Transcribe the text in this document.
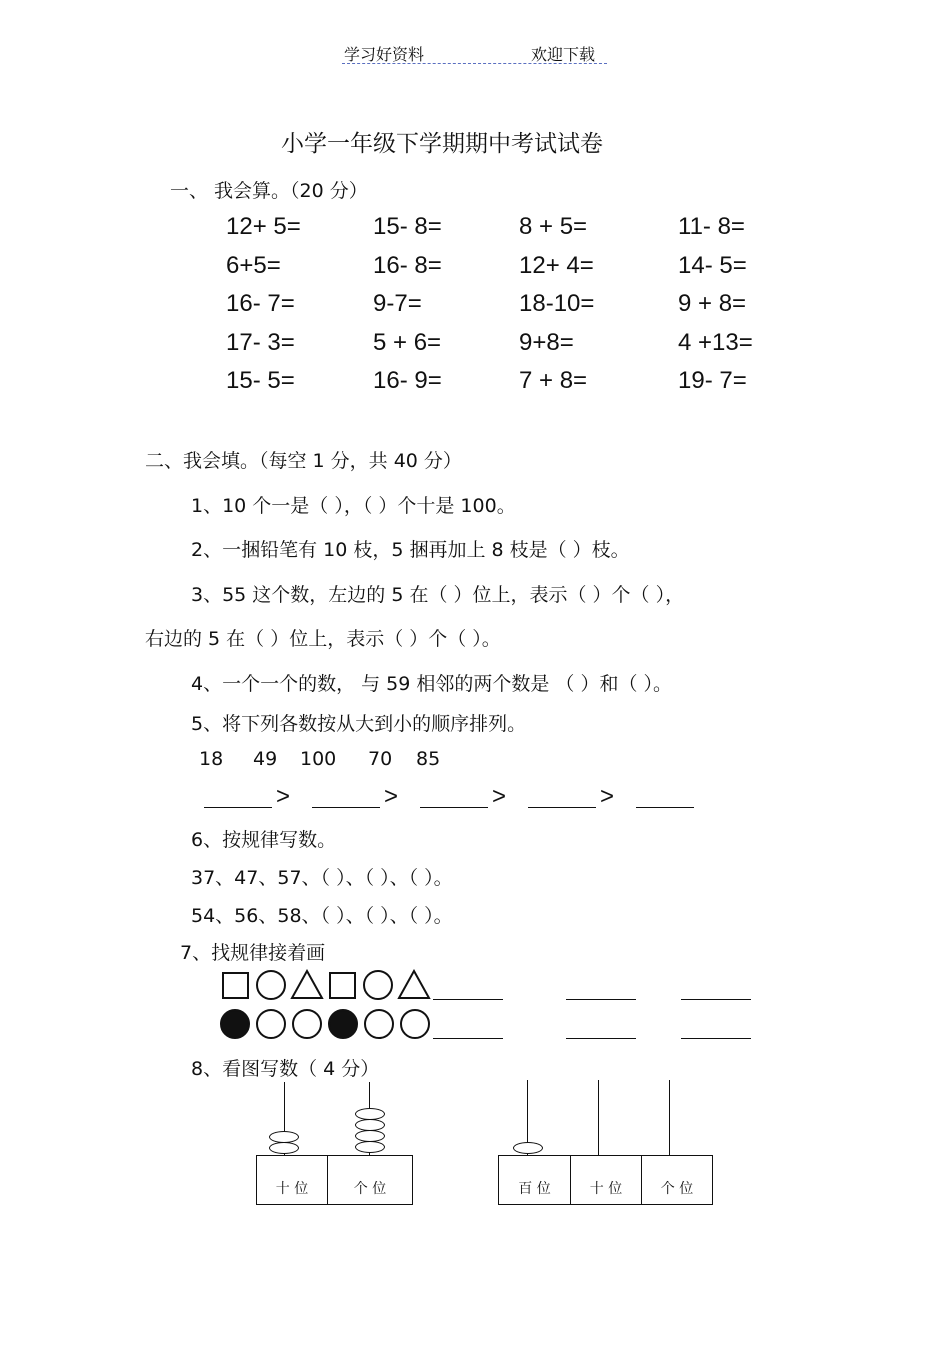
学习好资料	欢迎下载
小学一年级下学期期中考试试卷
一、 我会算。（20 分）
12+ 5=	15- 8=	8 + 5=	11- 8=
6+5=	16- 8=	12+ 4=	14- 5=
16- 7=	9-7=	18-10=	9 + 8=
17- 3=	5 + 6=	9+8=	4 +13=
15- 5=	16- 9=	7 + 8=	19- 7=
二、我会填。（每空 1 分，共 40 分）
1、10 个一是（ ），（ ）个十是 100。
2、一捆铅笔有 10 枝，5 捆再加上 8 枝是（ ）枝。
3、55 这个数，左边的 5 在（ ）位上，表示（ ）个（ ），
右边的 5 在（ ）位上，表示（ ）个（ ）。
4、一个一个的数， 与 59 相邻的两个数是 （ ）和（ ）。
5、将下列各数按从大到小的顺序排列。
18 49 100 70 85
>	>	>	>
6、按规律写数。
37、47、57、（ ）、（ ）、（ ）。
54、56、58、（ ）、（ ）、（ ）。
7、找规律接着画
8、看图写数（ 4 分）
十 位	个 位	百 位	十 位	个 位
